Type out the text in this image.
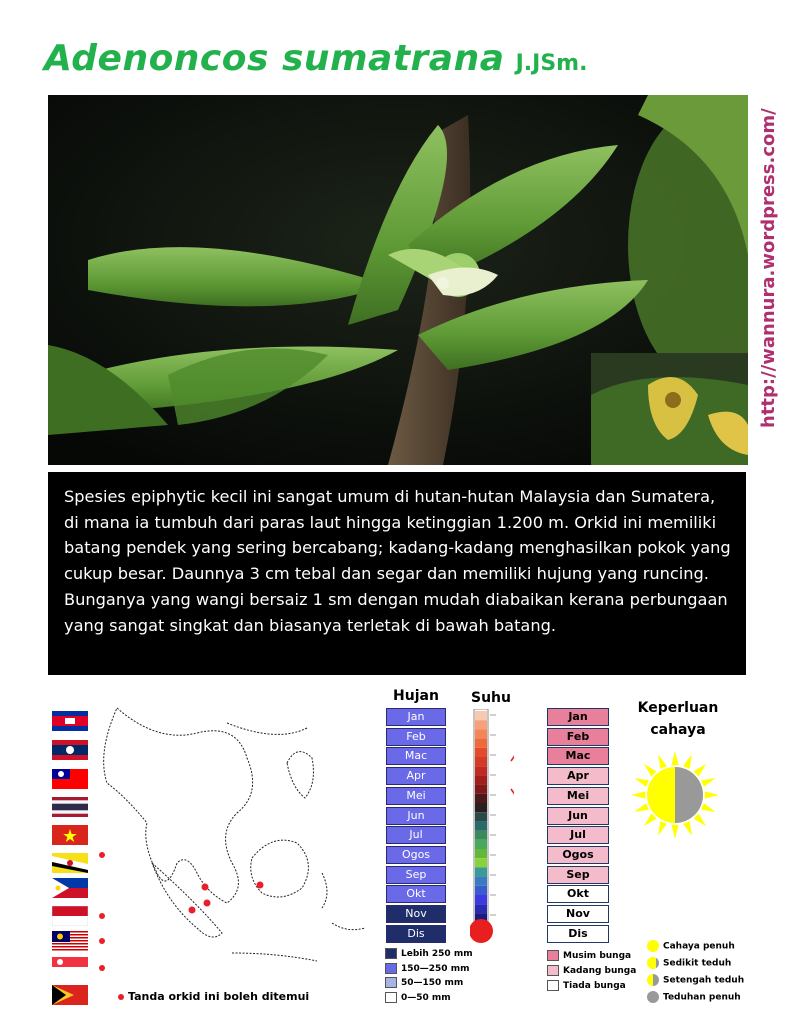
Adenoncos sumatrana J.JSm.
http://wannura.wordpress.com/
Spesies epiphytic kecil ini sangat umum di hutan-hutan Malaysia dan Sumatera, di mana ia tumbuh dari paras laut hingga ketinggian 1.200 m. Orkid ini memiliki batang pendek yang sering bercabang; kadang-kadang menghasilkan pokok yang cukup besar. Daunnya 3 cm tebal dan segar dan memiliki hujung yang runcing. Bunganya yang wangi bersaiz 1 sm dengan mudah diabaikan kerana perbungaan yang sangat singkat dan biasanya terletak di bawah batang.
Tanda orkid ini boleh ditemui
Hujan
Jan
Feb
Mac
Apr
Mei
Jun
Jul
Ogos
Sep
Okt
Nov
Dis
Lebih 250 mm
150—250 mm
50—150 mm
0—50 mm
Suhu
Jan
Feb
Mac
Apr
Mei
Jun
Jul
Ogos
Sep
Okt
Nov
Dis
Musim bunga
Kadang bunga
Tiada bunga
Keperluan cahaya
Cahaya penuh
Sedikit teduh
Setengah teduh
Teduhan penuh
